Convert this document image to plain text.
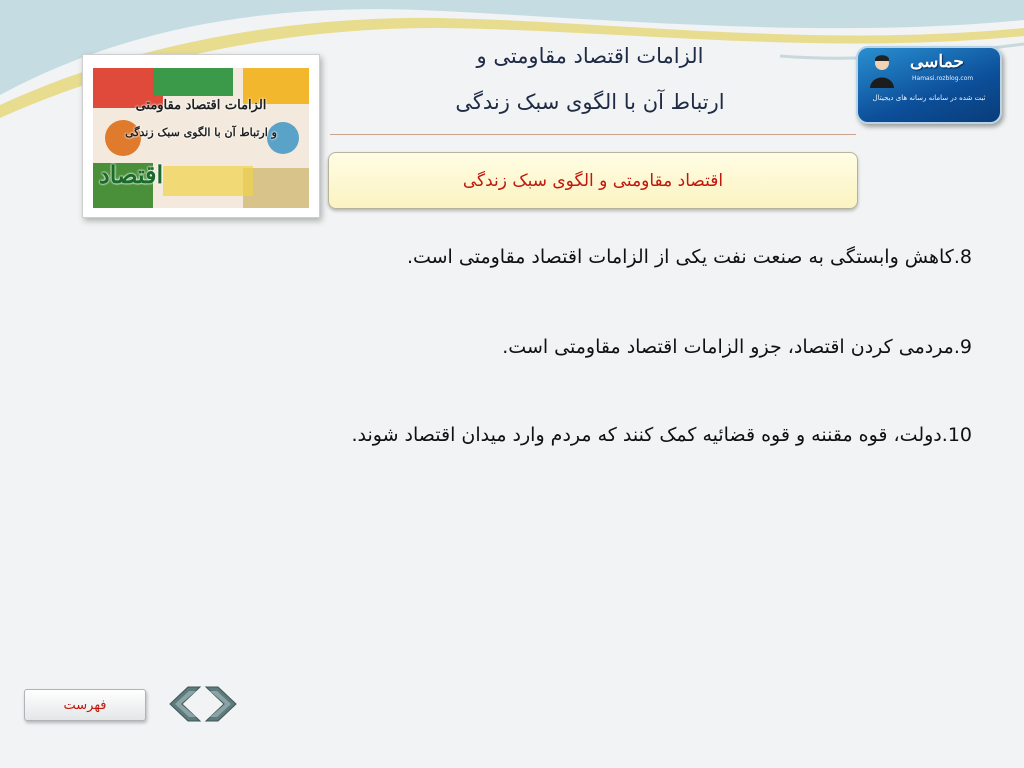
الزامات اقتصاد مقاومتی
و ارتباط آن با الگوی سبک زندگی
اقتصاد
الزامات اقتصاد مقاومتی و
ارتباط آن با الگوی سبک زندگی
اقتصاد مقاومتی و الگوی سبک زندگی
حماسی
Hamasi.rozblog.com
ثبت شده در سامانه رسانه های دیجیتال
8.کاهش وابستگی به صنعت نفت یکی از الزامات اقتصاد مقاومتی است.
9.مردمی کردن اقتصاد، جزو الزامات اقتصاد مقاومتی است.
10.دولت، قوه مقننه و قوه قضائیه کمک کنند که مردم وارد میدان اقتصاد شوند.
فهرست
